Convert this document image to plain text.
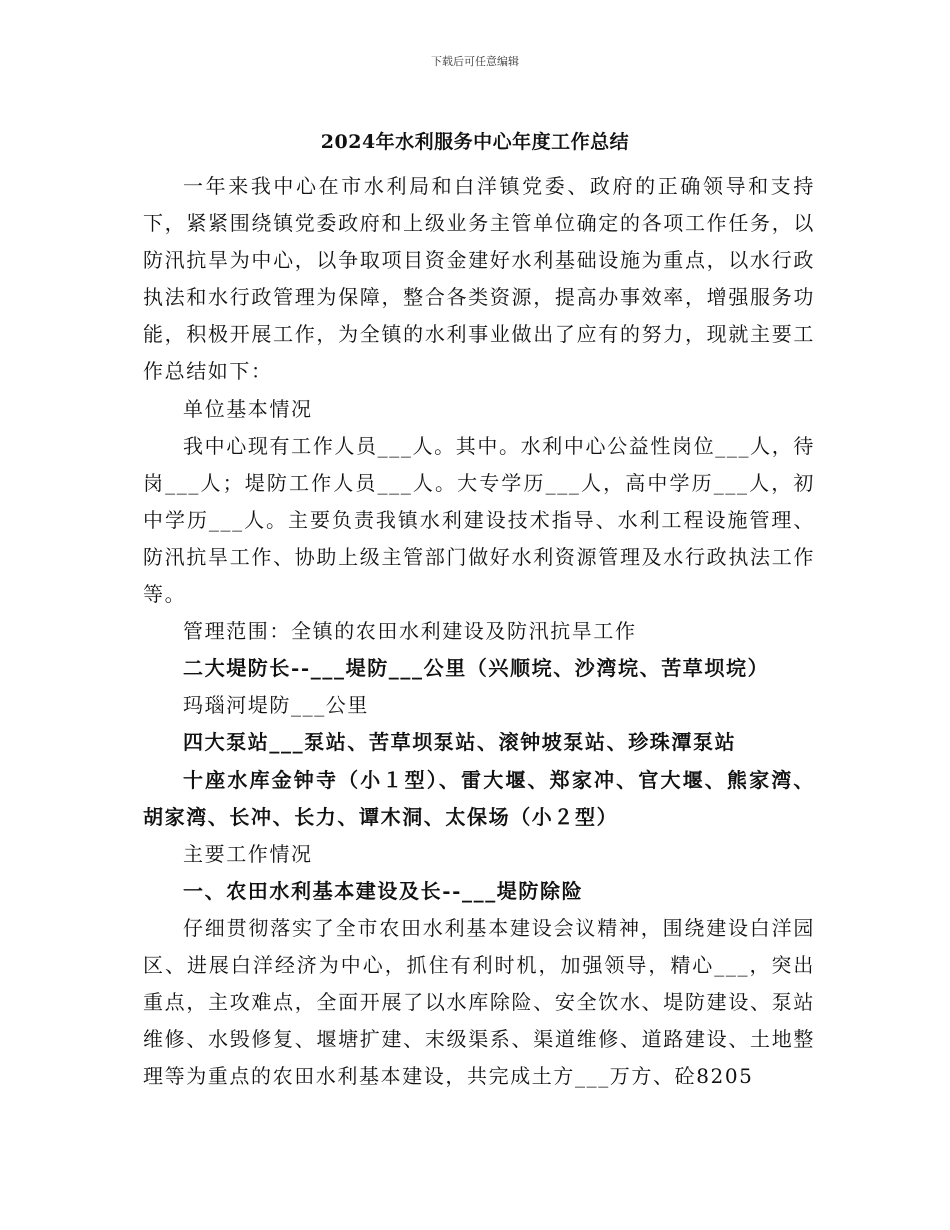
下载后可任意编辑
2024年水利服务中心年度工作总结

一年来我中心在市水利局和白洋镇党委、政府的正确领导和支持下，紧紧围绕镇党委政府和上级业务主管单位确定的各项工作任务，以防汛抗旱为中心，以争取项目资金建好水利基础设施为重点，以水行政执法和水行政管理为保障，整合各类资源，提高办事效率，增强服务功能，积极开展工作，为全镇的水利事业做出了应有的努力，现就主要工作总结如下：

单位基本情况

我中心现有工作人员___人。其中。水利中心公益性岗位___人，待岗___人；堤防工作人员___人。大专学历___人，高中学历___人，初中学历___人。主要负责我镇水利建设技术指导、水利工程设施管理、防汛抗旱工作、协助上级主管部门做好水利资源管理及水行政执法工作等。

管理范围：全镇的农田水利建设及防汛抗旱工作

二大堤防长--___堤防___公里（兴顺垸、沙湾垸、苦草坝垸）

玛瑙河堤防___公里

四大泵站___泵站、苦草坝泵站、滚钟坡泵站、珍珠潭泵站

十座水库金钟寺（小１型）、雷大堰、郑家冲、官大堰、熊家湾、胡家湾、长冲、长力、谭木洞、太保场（小２型）

主要工作情况

一、农田水利基本建设及长--___堤防除险

仔细贯彻落实了全市农田水利基本建设会议精神，围绕建设白洋园区、进展白洋经济为中心，抓住有利时机，加强领导，精心___，突出重点，主攻难点，全面开展了以水库除险、安全饮水、堤防建设、泵站维修、水毁修复、堰塘扩建、末级渠系、渠道维修、道路建设、土地整理等为重点的农田水利基本建设，共完成土方___万方、砼8205
